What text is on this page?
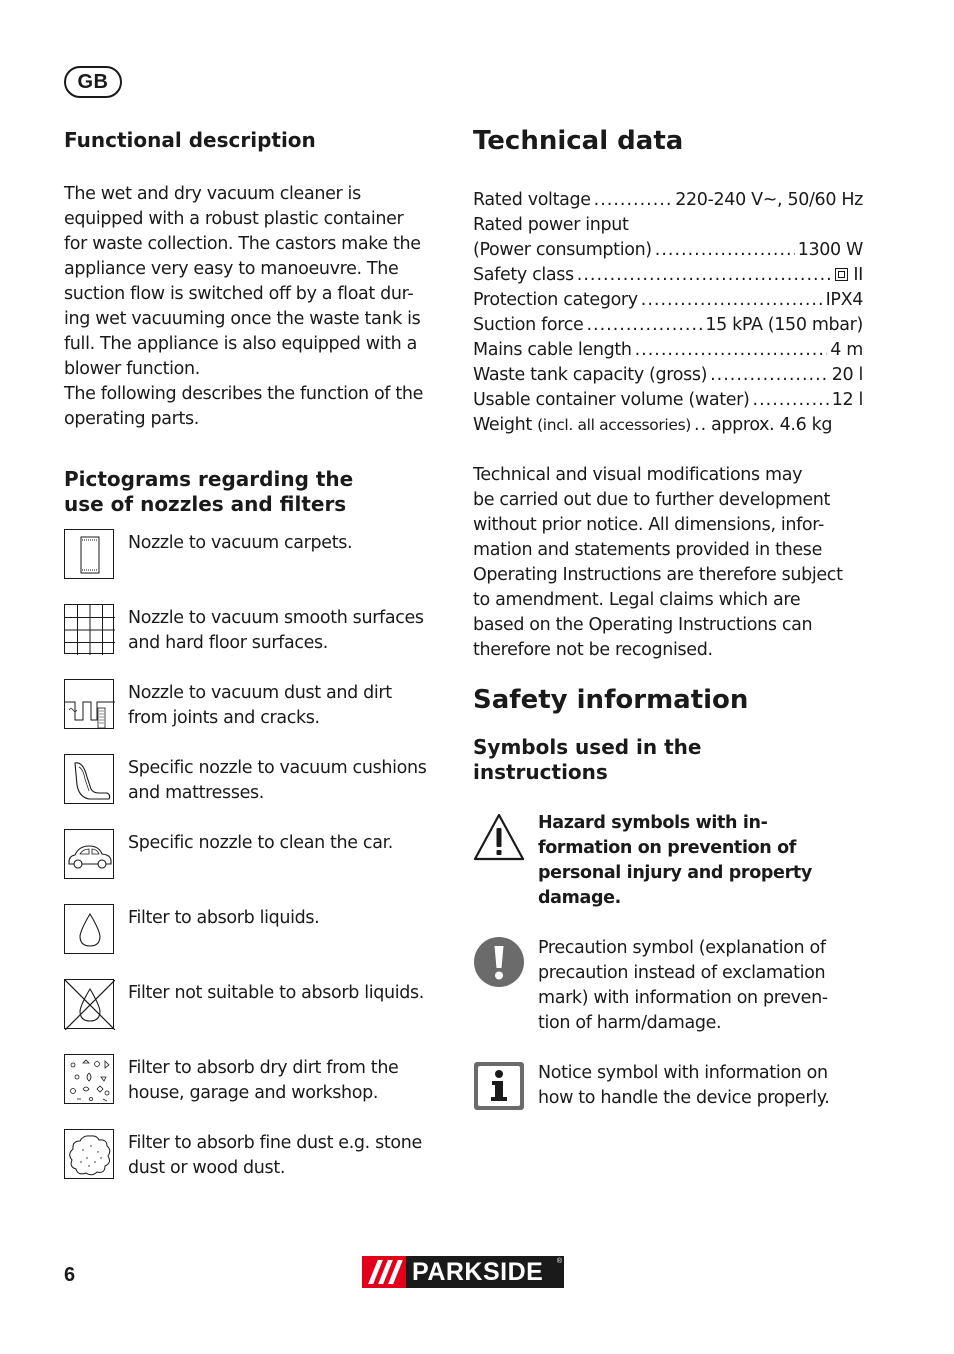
GB
Functional description

The wet and dry vacuum cleaner is
equipped with a robust plastic container
for waste collection. The castors make the
appliance very easy to manoeuvre. The
suction flow is switched off by a float dur-
ing wet vacuuming once the waste tank is
full. The appliance is also equipped with a
blower function.
The following describes the function of the
operating parts.

Pictograms regarding the
use of nozzles and filters
Nozzle to vacuum carpets.
Nozzle to vacuum smooth surfaces
and hard floor surfaces.
Nozzle to vacuum dust and dirt
from joints and cracks.
Specific nozzle to vacuum cushions
and mattresses.
Specific nozzle to clean the car.
Filter to absorb liquids.
Filter not suitable to absorb liquids.
Filter to absorb dry dirt from the
house, garage and workshop.
Filter to absorb fine dust e.g. stone
dust or wood dust.
Technical data
Rated voltage .....	220-240 V~, 50/60 Hz
Rated power input
(Power consumption) .....	1300 W
Safety class .....	II
Protection category .....	IPX4
Suction force .....	15 kPA (150 mbar)
Mains cable length .....	4 m
Waste tank capacity (gross) .....	20 l
Usable container volume (water) .....	12 l
Weight (incl. all accessories) ..... approx. 4.6 kg

Technical and visual modifications may
be carried out due to further development
without prior notice. All dimensions, infor-
mation and statements provided in these
Operating Instructions are therefore subject
to amendment. Legal claims which are
based on the Operating Instructions can
therefore not be recognised.

Safety information
Symbols used in the
instructions
Hazard symbols with in-
formation on prevention of
personal injury and property
damage.
Precaution symbol (explanation of
precaution instead of exclamation
mark) with information on preven-
tion of harm/damage.
Notice symbol with information on
how to handle the device properly.
6	PARKSIDE ®
